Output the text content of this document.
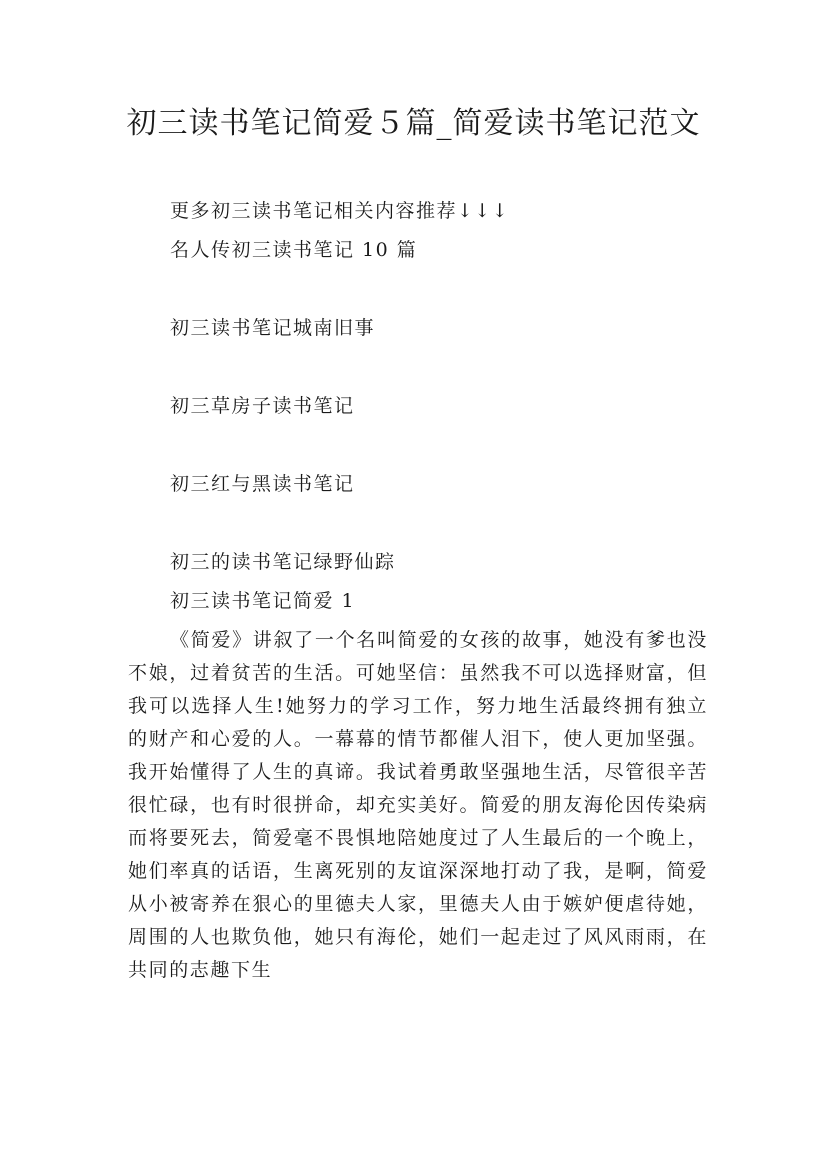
初三读书笔记简爱５篇_简爱读书笔记范文

更多初三读书笔记相关内容推荐↓↓↓

名人传初三读书笔记 10 篇

初三读书笔记城南旧事

初三草房子读书笔记

初三红与黑读书笔记

初三的读书笔记绿野仙踪

初三读书笔记简爱 1

《简爱》讲叙了一个名叫简爱的女孩的故事，她没有爹也没不娘，过着贫苦的生活。可她坚信：虽然我不可以选择财富，但我可以选择人生!她努力的学习工作，努力地生活最终拥有独立的财产和心爱的人。一幕幕的情节都催人泪下，使人更加坚强。我开始懂得了人生的真谛。我试着勇敢坚强地生活，尽管很辛苦很忙碌，也有时很拼命，却充实美好。简爱的朋友海伦因传染病而将要死去，简爱毫不畏惧地陪她度过了人生最后的一个晚上，她们率真的话语，生离死别的友谊深深地打动了我，是啊，简爱从小被寄养在狠心的里德夫人家，里德夫人由于嫉妒便虐待她，周围的人也欺负他，她只有海伦，她们一起走过了风风雨雨，在共同的志趣下生
